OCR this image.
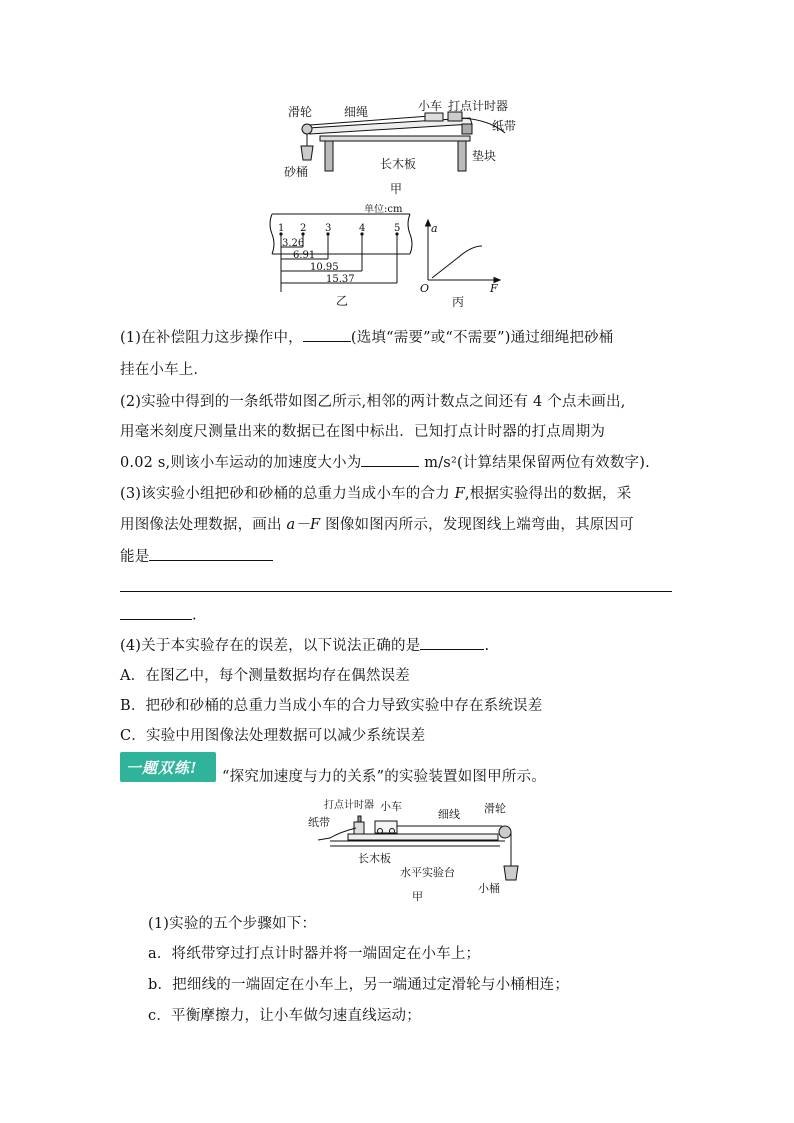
滑轮	细绳	小车 打点计时器
纸带
长木板
垫块
砂桶
甲
单位:cm
1 2 3	4	5
3.26
6.91
10.95
15.37
乙
a
F
O
丙
(1)在补偿阻力这步操作中，	(选填“需要”或“不需要”)通过细绳把砂桶
挂在小车上．
(2)实验中得到的一条纸带如图乙所示,相邻的两计数点之间还有 4 个点未画出,
用毫米刻度尺测量出来的数据已在图中标出．已知打点计时器的打点周期为
0.02 s,则该小车运动的加速度大小为	m/s²(计算结果保留两位有效数字).
(3)该实验小组把砂和砂桶的总重力当成小车的合力 F,根据实验得出的数据，采
用图像法处理数据，画出 a－F 图像如图丙所示，发现图线上端弯曲，其原因可
能是
.
(4)关于本实验存在的误差，以下说法正确的是	.
A．在图乙中，每个测量数据均存在偶然误差
B．把砂和砂桶的总重力当成小车的合力导致实验中存在系统误差
C．实验中用图像法处理数据可以减少系统误差
一题双练! “探究加速度与力的关系”的实验装置如图甲所示。
打点计时器 小车	滑轮
纸带
细线
长木板
水平实验台
小桶
甲
(1)实验的五个步骤如下：
a．将纸带穿过打点计时器并将一端固定在小车上；
b．把细线的一端固定在小车上，另一端通过定滑轮与小桶相连；
c．平衡摩擦力，让小车做匀速直线运动；
